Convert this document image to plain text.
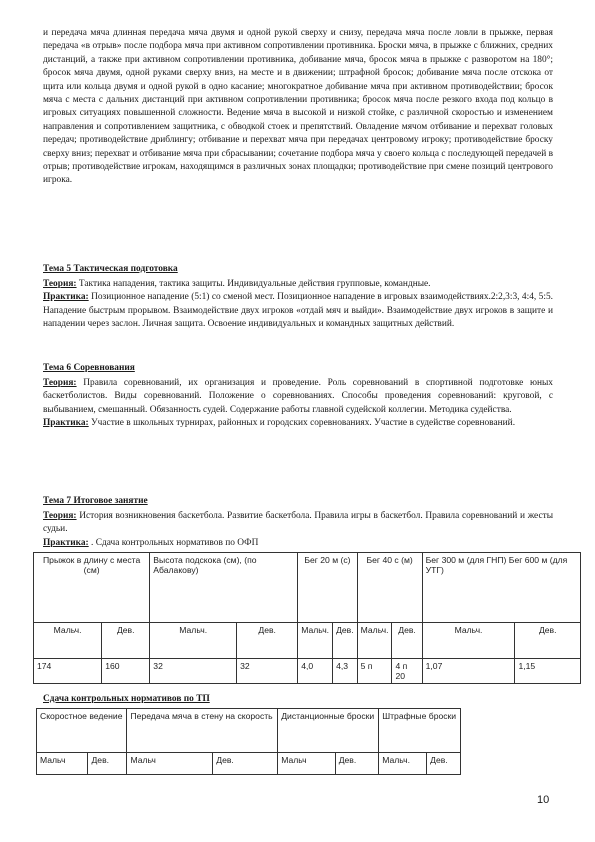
и передача мяча длинная передача мяча двумя и одной рукой сверху и снизу, передача мяча после ловли в прыжке, первая передача «в отрыв» после подбора мяча при активном сопротивлении противника. Броски мяча, в прыжке с ближних, средних дистанций, а также при активном сопротивлении противника, добивание мяча, бросок мяча в прыжке с разворотом на 180°; бросок мяча двумя, одной руками сверху вниз, на месте и в движении; штрафной бросок; добивание мяча после отскока от щита или кольца двумя и одной рукой в одно касание; многократное добивание мяча при активном противодействии; бросок мяча с места с дальних дистанций при активном сопротивлении противника; бросок мяча после резкого входа под кольцо в игровых ситуациях повышенной сложности. Ведение мяча в высокой и низкой стойке, с различной скоростью и изменением направления и сопротивлением защитника, с обводкой стоек и препятствий. Овладение мячом отбивание и перехват головых передач; противодействие дриблингу; отбивание и перехват мяча при передачах центровому игроку; противодействие броску сверху вниз; перехват и отбивание мяча при сбрасывании; сочетание подбора мяча у своего кольца с последующей передачей в отрыв; противодействие игрокам, находящимся в различных зонах площадки; противодействие при смене позиций центрового игрока.
Тема 5 Тактическая подготовка
Теория: Тактика нападения, тактика защиты. Индивидуальные действия групповые, командные.
Практика: Позиционное нападение (5:1) со сменой мест. Позиционное нападение в игровых взаимодействиях.2:2,3:3, 4:4, 5:5. Нападение быстрым прорывом. Взаимодействие двух игроков «отдай мяч и выйди». Взаимодействие двух игроков в защите и нападении через заслон. Личная защита. Освоение индивидуальных и командных защитных действий.
Тема 6 Соревнования
Теория: Правила соревнований, их организация и проведение. Роль соревнований в спортивной подготовке юных баскетболистов. Виды соревнований. Положение о соревнованиях. Способы проведения соревнований: круговой, с выбыванием, смешанный. Обязанность судей. Содержание работы главной судейской коллегии. Методика судейства.
Практика: Участие в школьных турнирах, районных и городских соревнованиях. Участие в судействе соревнований.
Тема 7 Итоговое занятие
Теория: История возникновения баскетбола. Развитие баскетбола. Правила игры в баскетбол. Правила соревнований и жесты судьи.
Практика: . Сдача контрольных нормативов по ОФП
Прыжок в длину с места (см)		Высота подскока (см), (по Абалакову)		Бег 20 м (с)		Бег 40 с (м)		Бег 300 м (для ГНП) Бег 600 м (для УТГ)	
Мальч.	Дев.	Мальч.	Дев.	Мальч.	Дев.	Мальч.	Дев.	Мальч.	Дев.
174	160	32	32	4,0	4,3	5 п	4 п 20	1,07	1,15
Сдача контрольных нормативов по ТП
Скоростное ведение		Передача мяча в стену на скорость		Дистанционные броски		Штрафные броски	
Мальч	Дев.	Мальч	Дев.	Мальч	Дев.	Мальч.	Дев.
10
